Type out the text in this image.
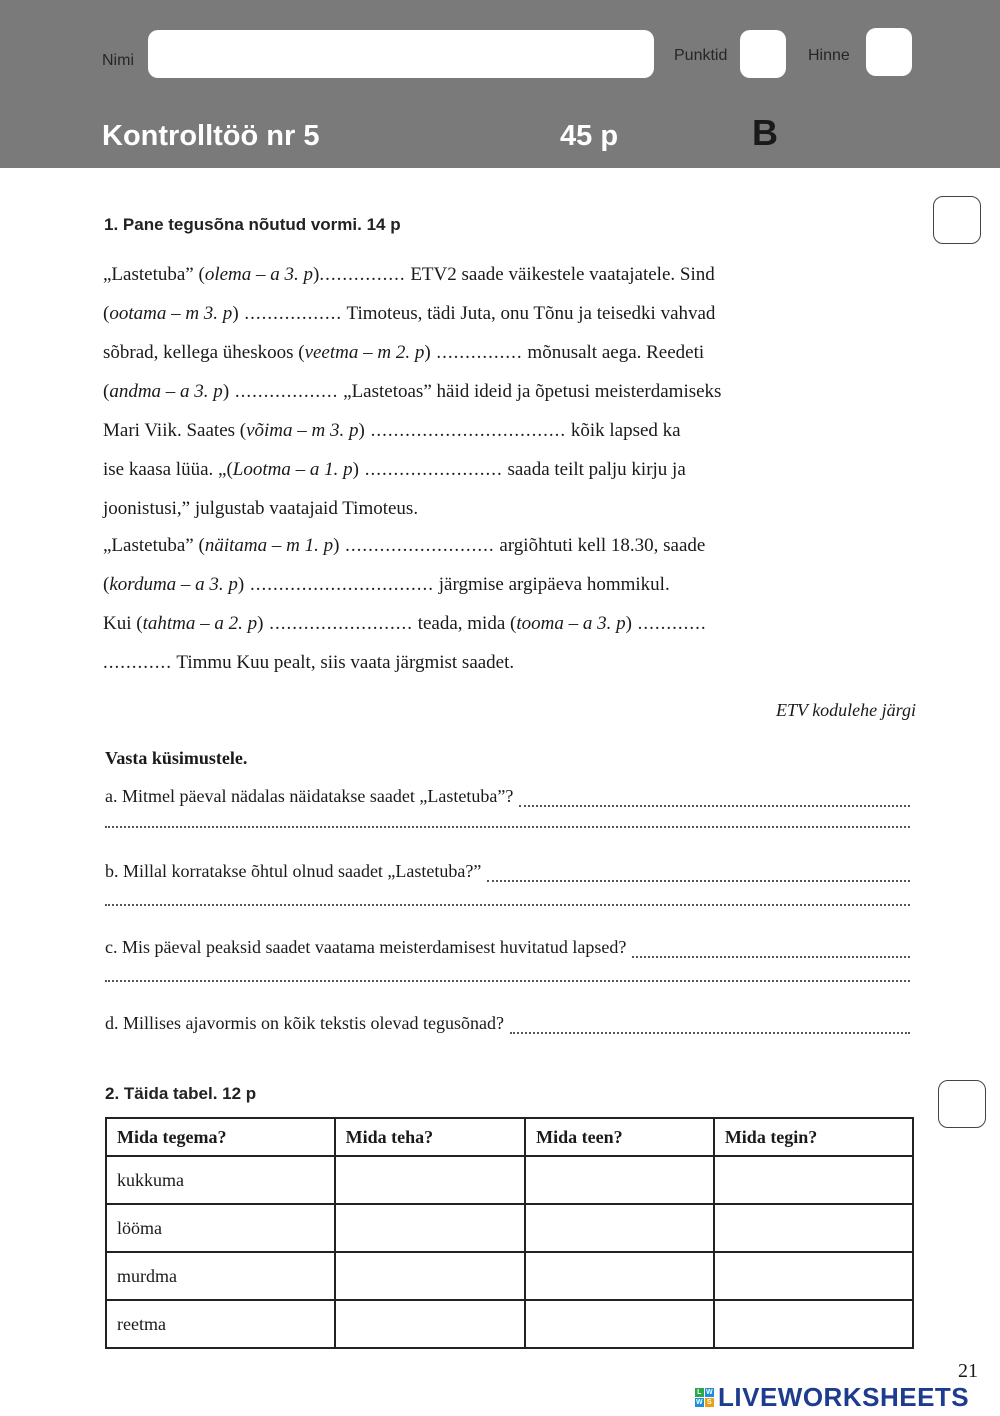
Nimi	Punktid	Hinne
Kontrolltöö nr 5	45 p	B
1. Pane tegusõna nõutud vormi. 14 p
„Lastetuba” (olema – a 3. p)............... ETV2 saade väikestele vaatajatele. Sind
(ootama – m 3. p) ................. Timoteus, tädi Juta, onu Tõnu ja teisedki vahvad
sõbrad, kellega üheskoos (veetma – m 2. p) ............... mõnusalt aega. Reedeti
(andma – a 3. p) .................. „Lastetoas” häid ideid ja õpetusi meisterdamiseks
Mari Viik. Saates (võima – m 3. p) .................................. kõik lapsed ka
ise kaasa lüüa. „(Lootma – a 1. p) ........................ saada teilt palju kirju ja
joonistusi,” julgustab vaatajaid Timoteus.
„Lastetuba” (näitama – m 1. p) .......................... argiõhtuti kell 18.30, saade
(korduma – a 3. p) ................................ järgmise argipäeva hommikul.
Kui (tahtma – a 2. p) ......................... teada, mida (tooma – a 3. p) ............
............ Timmu Kuu pealt, siis vaata järgmist saadet.
ETV kodulehe järgi
Vasta küsimustele.
a. Mitmel päeval nädalas näidatakse saadet „Lastetuba”?
b. Millal korratakse õhtul olnud saadet „Lastetuba?”
c. Mis päeval peaksid saadet vaatama meisterdamisest huvitatud lapsed?
d. Millises ajavormis on kõik tekstis olevad tegusõnad?
2. Täida tabel. 12 p
Mida tegema?	Mida teha?	Mida teen?	Mida tegin?
kukkuma			
lööma			
murdma			
reetma			
21
L W
W S LIVEWORKSHEETS
